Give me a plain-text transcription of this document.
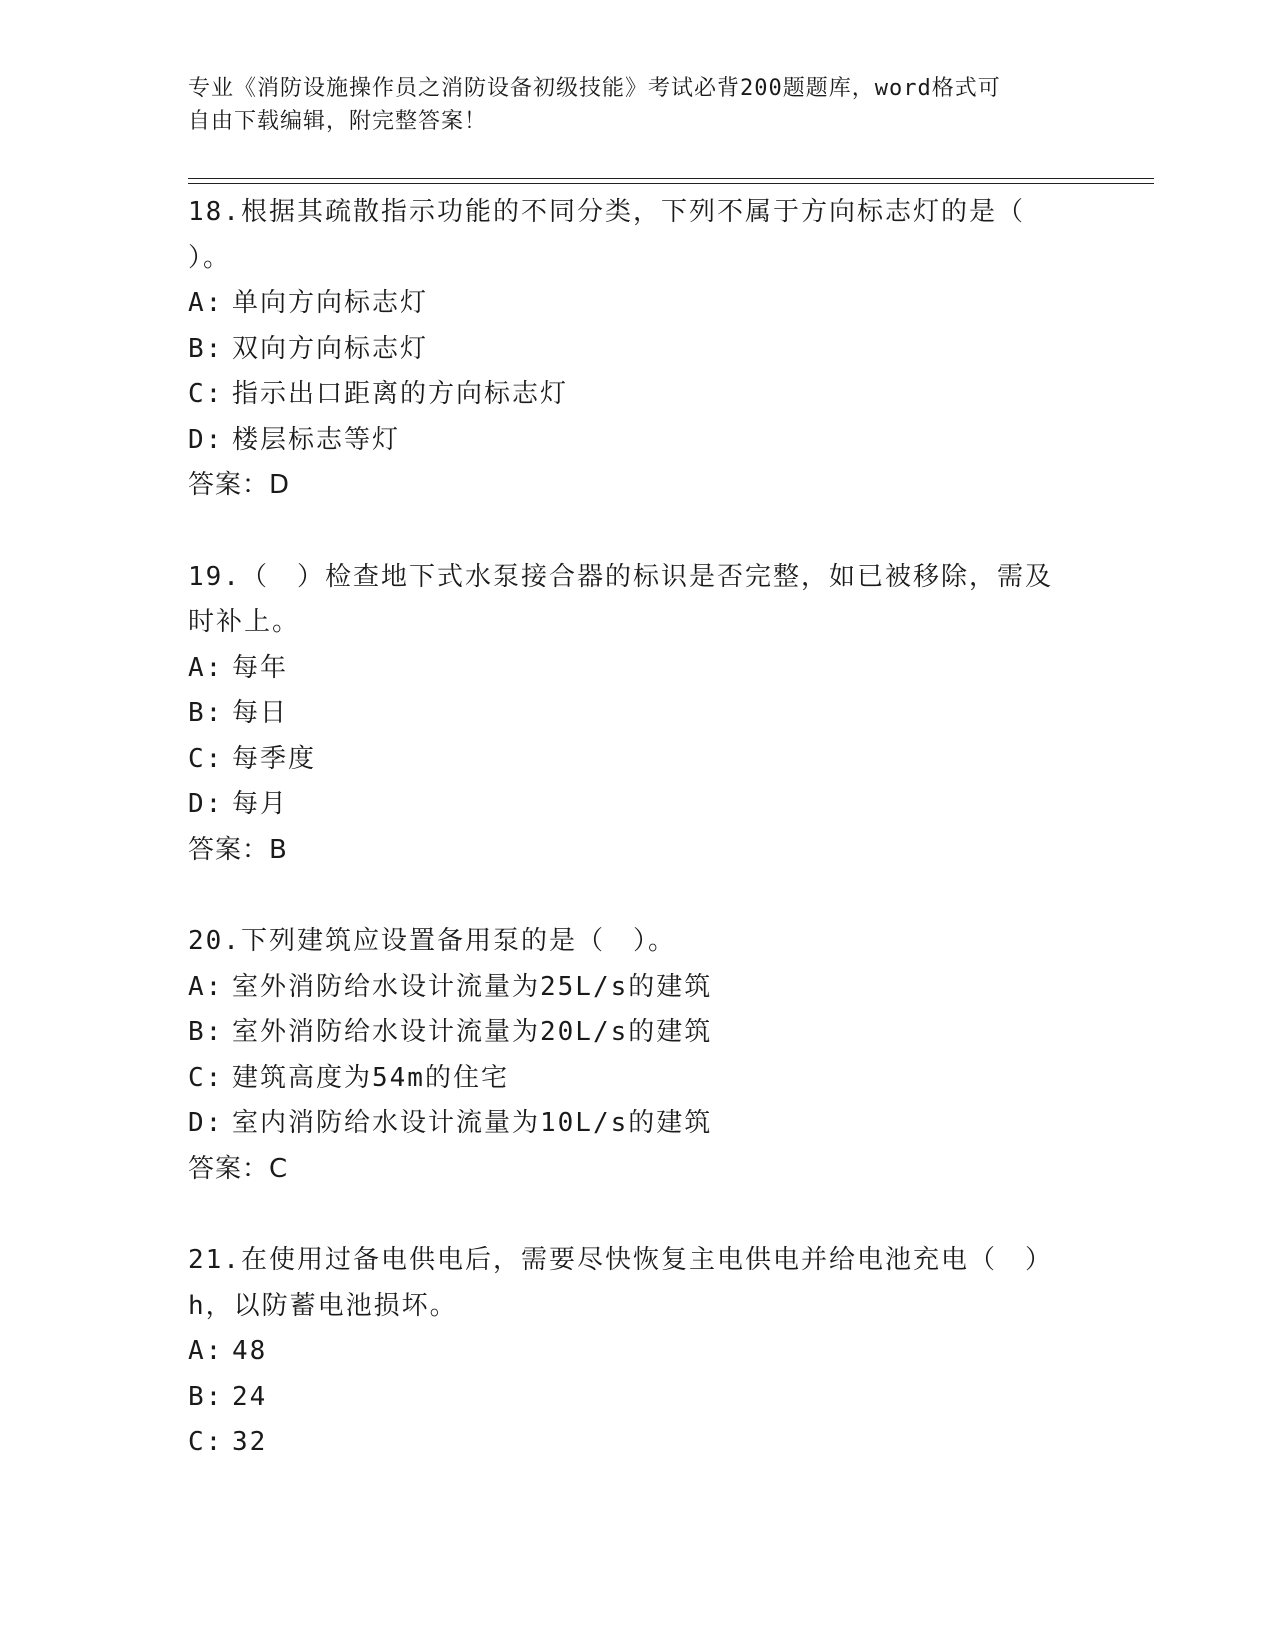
专业《消防设施操作员之消防设备初级技能》考试必背200题题库，word格式可
自由下载编辑，附完整答案！
18.根据其疏散指示功能的不同分类，下列不属于方向标志灯的是（
）。
A: 单向方向标志灯
B: 双向方向标志灯
C: 指示出口距离的方向标志灯
D: 楼层标志等灯
答案：D
19.（　）检查地下式水泵接合器的标识是否完整，如已被移除，需及
时补上。
A: 每年
B: 每日
C: 每季度
D: 每月
答案：B
20.下列建筑应设置备用泵的是（　）。
A: 室外消防给水设计流量为25L/s的建筑
B: 室外消防给水设计流量为20L/s的建筑
C: 建筑高度为54m的住宅
D: 室内消防给水设计流量为10L/s的建筑
答案：C
21.在使用过备电供电后，需要尽快恢复主电供电并给电池充电（　）
h，以防蓄电池损坏。
A: 48
B: 24
C: 32
